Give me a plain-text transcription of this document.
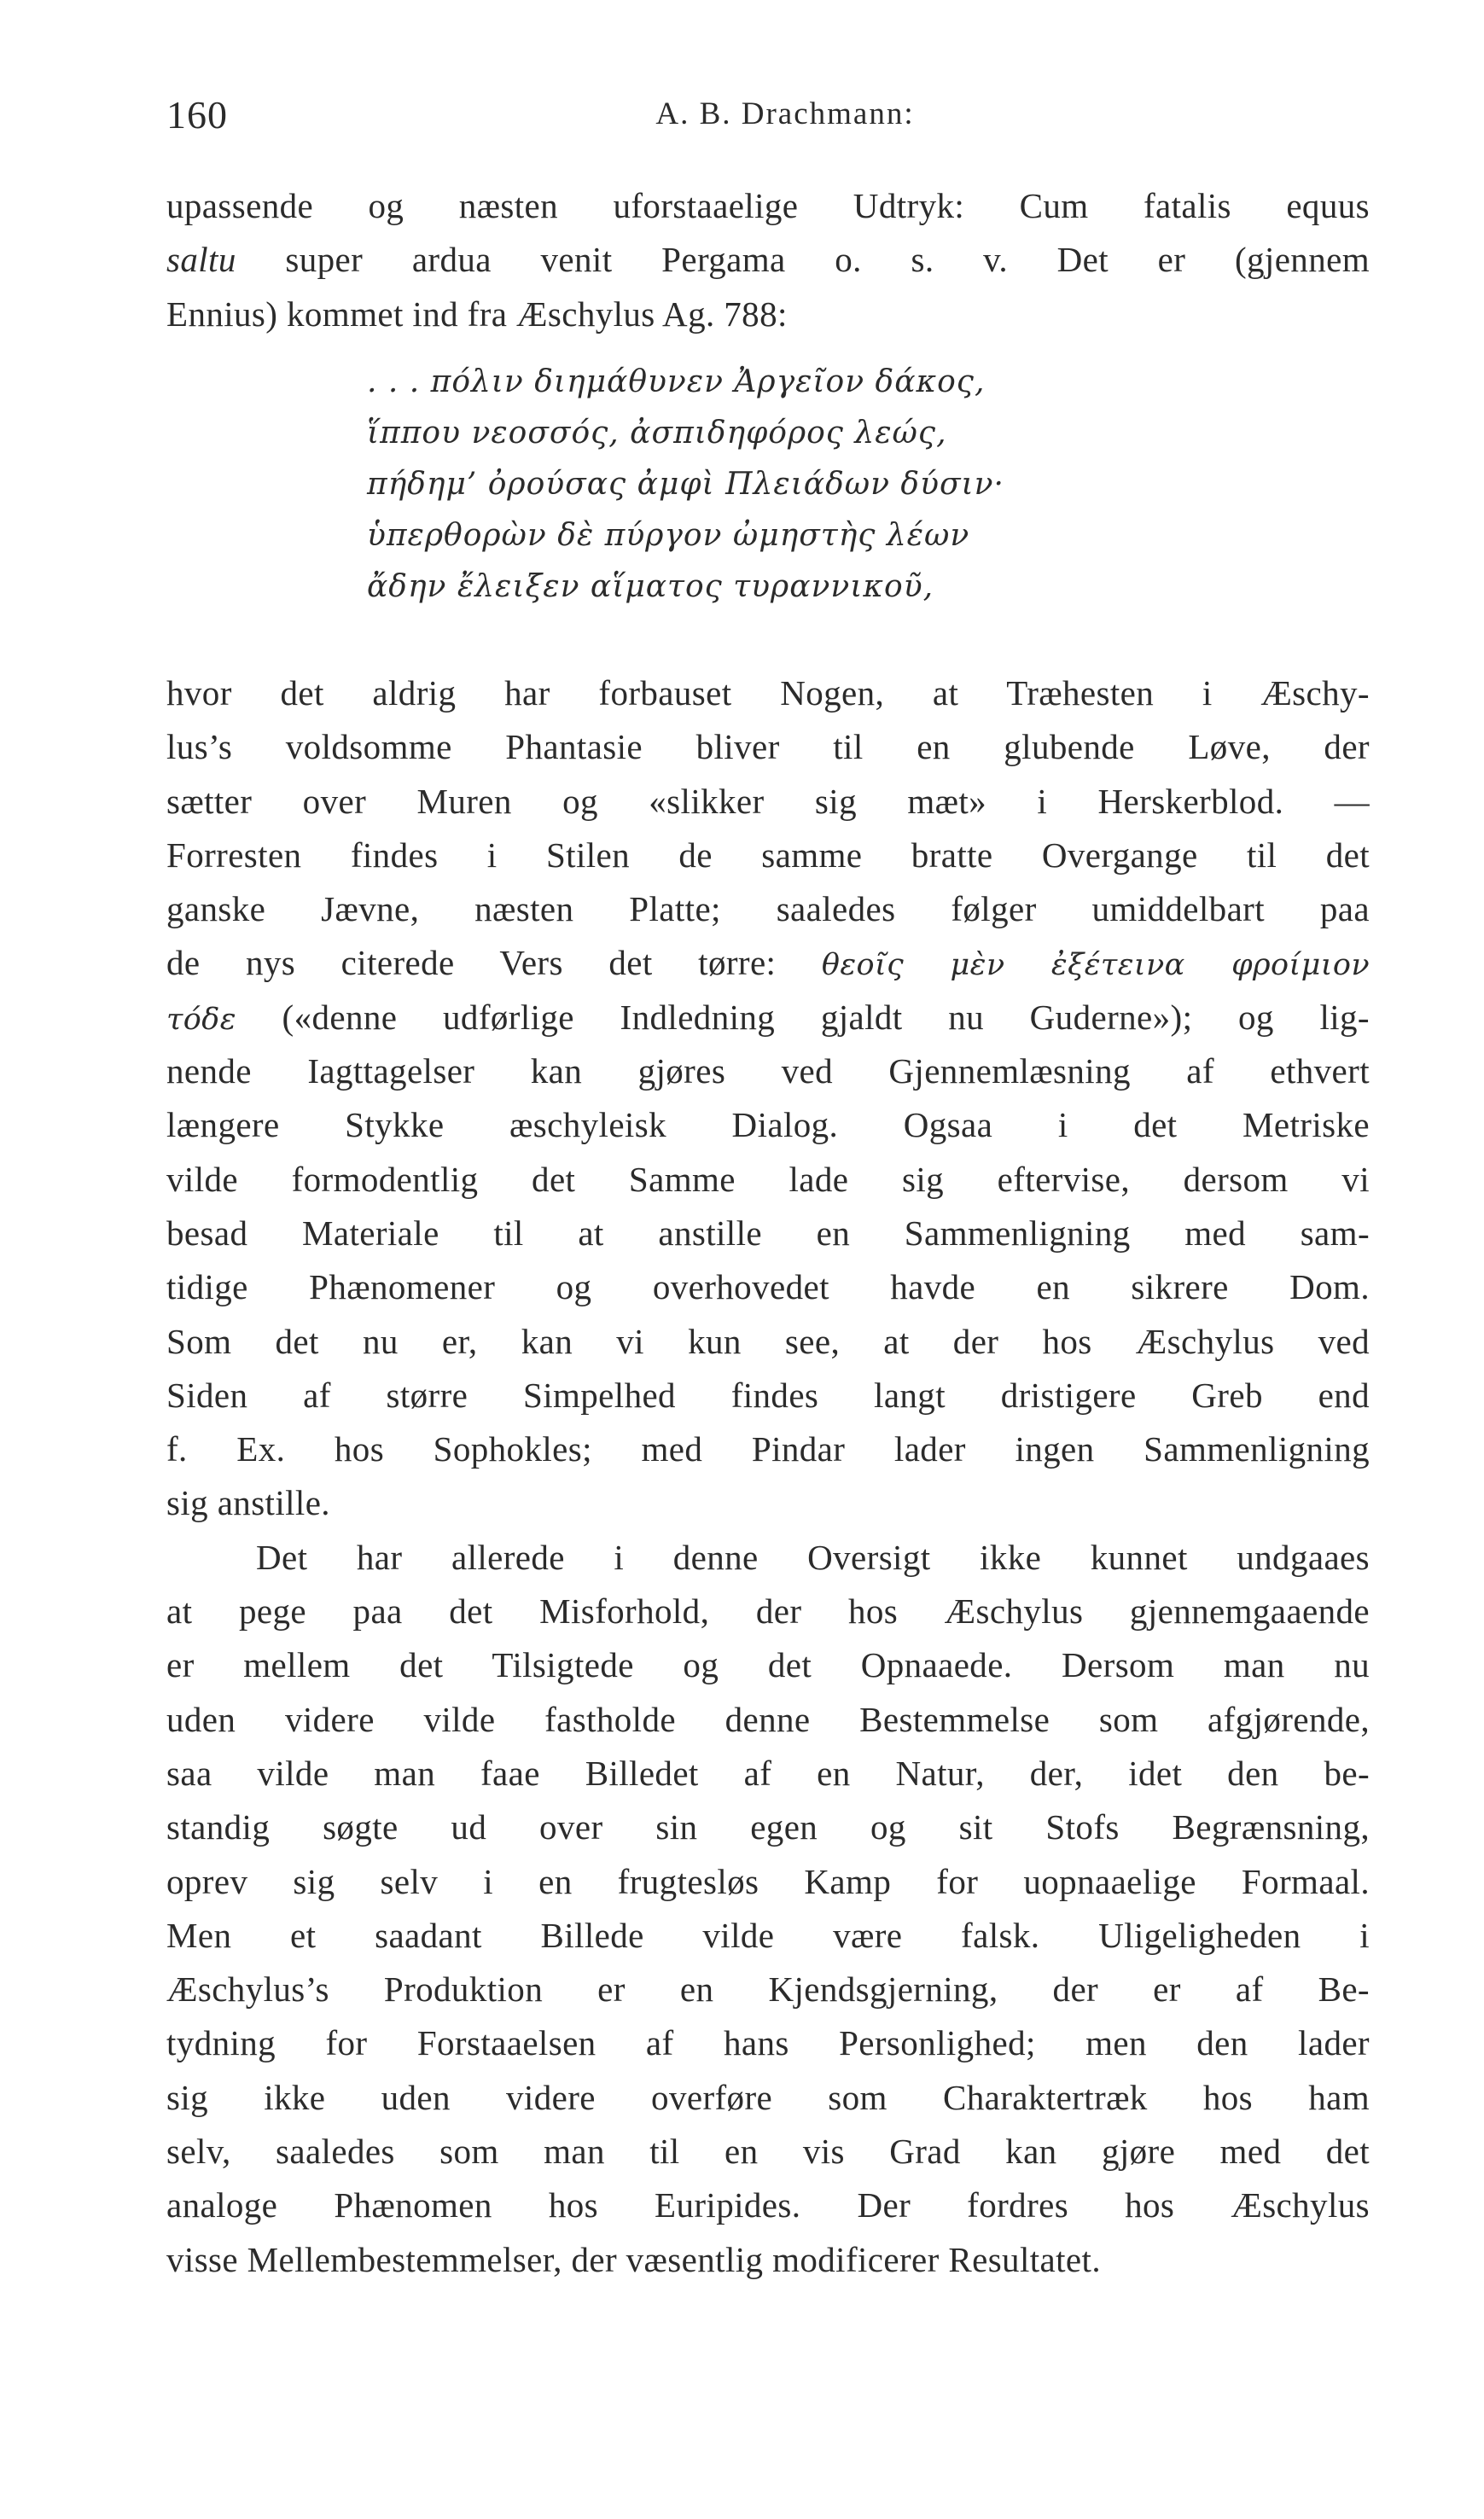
160	A. B. Drachmann:
upassende og næsten uforstaaelige Udtryk: Cum fatalis equus
saltu super ardua venit Pergama o. s. v. Det er (gjennem
Ennius) kommet ind fra Æschylus Ag. 788:
. . . πόλιν διημάθυνεν Ἀργεῖον δάκος,
ἵππου νεοσσός, ἀσπιδηφόρος λεώς,
πήδημ’ ὀρούσας ἀμφὶ Πλειάδων δύσιν·
ὑπερθορὼν δὲ πύργον ὠμηστὴς λέων
ἄδην ἔλειξεν αἵματος τυραννικοῦ,
hvor det aldrig har forbauset Nogen, at Træhesten i Æschy-
lus’s voldsomme Phantasie bliver til en glubende Løve, der
sætter over Muren og «slikker sig mæt» i Herskerblod. —
Forresten findes i Stilen de samme bratte Overgange til det
ganske Jævne, næsten Platte; saaledes følger umiddelbart paa
de nys citerede Vers det tørre: θεοῖς μὲν ἐξέτεινα φροίμιον
τόδε («denne udførlige Indledning gjaldt nu Guderne»); og lig-
nende Iagttagelser kan gjøres ved Gjennemlæsning af ethvert
længere Stykke æschyleisk Dialog. Ogsaa i det Metriske
vilde formodentlig det Samme lade sig eftervise, dersom vi
besad Materiale til at anstille en Sammenligning med sam-
tidige Phænomener og overhovedet havde en sikrere Dom.
Som det nu er, kan vi kun see, at der hos Æschylus ved
Siden af større Simpelhed findes langt dristigere Greb end
f. Ex. hos Sophokles; med Pindar lader ingen Sammenligning
sig anstille.
Det har allerede i denne Oversigt ikke kunnet undgaaes
at pege paa det Misforhold, der hos Æschylus gjennemgaaende
er mellem det Tilsigtede og det Opnaaede. Dersom man nu
uden videre vilde fastholde denne Bestemmelse som afgjørende,
saa vilde man faae Billedet af en Natur, der, idet den be-
standig søgte ud over sin egen og sit Stofs Begrænsning,
oprev sig selv i en frugtesløs Kamp for uopnaaelige Formaal.
Men et saadant Billede vilde være falsk. Uligeligheden i
Æschylus’s Produktion er en Kjendsgjerning, der er af Be-
tydning for Forstaaelsen af hans Personlighed; men den lader
sig ikke uden videre overføre som Charaktertræk hos ham
selv, saaledes som man til en vis Grad kan gjøre med det
analoge Phænomen hos Euripides. Der fordres hos Æschylus
visse Mellembestemmelser, der væsentlig modificerer Resultatet.
